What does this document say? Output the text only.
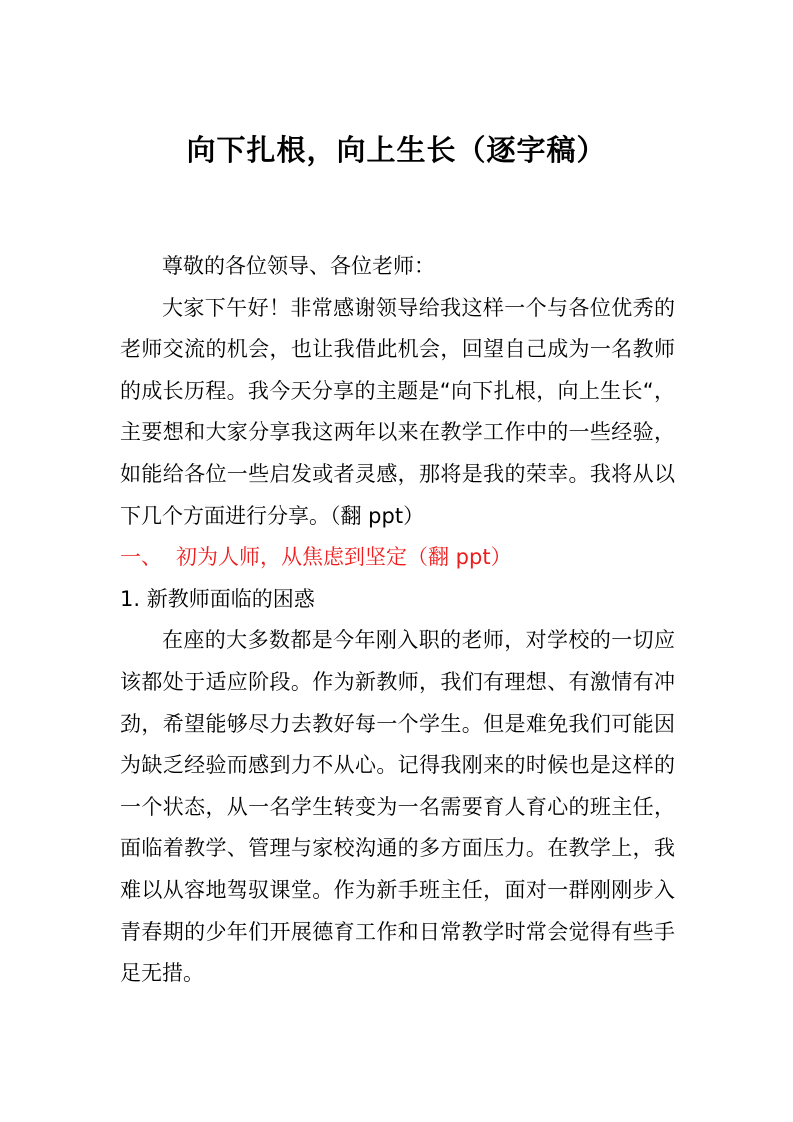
向下扎根，向上生长（逐字稿）

尊敬的各位领导、各位老师：

大家下午好！非常感谢领导给我这样一个与各位优秀的老师交流的机会，也让我借此机会，回望自己成为一名教师的成长历程。我今天分享的主题是“向下扎根，向上生长“，主要想和大家分享我这两年以来在教学工作中的一些经验，如能给各位一些启发或者灵感，那将是我的荣幸。我将从以下几个方面进行分享。（翻 ppt）

一、 初为人师，从焦虑到坚定（翻 ppt）

1. 新教师面临的困惑

在座的大多数都是今年刚入职的老师，对学校的一切应该都处于适应阶段。作为新教师，我们有理想、有激情有冲劲，希望能够尽力去教好每一个学生。但是难免我们可能因为缺乏经验而感到力不从心。记得我刚来的时候也是这样的一个状态，从一名学生转变为一名需要育人育心的班主任，面临着教学、管理与家校沟通的多方面压力。在教学上，我难以从容地驾驭课堂。作为新手班主任，面对一群刚刚步入青春期的少年们开展德育工作和日常教学时常会觉得有些手足无措。
